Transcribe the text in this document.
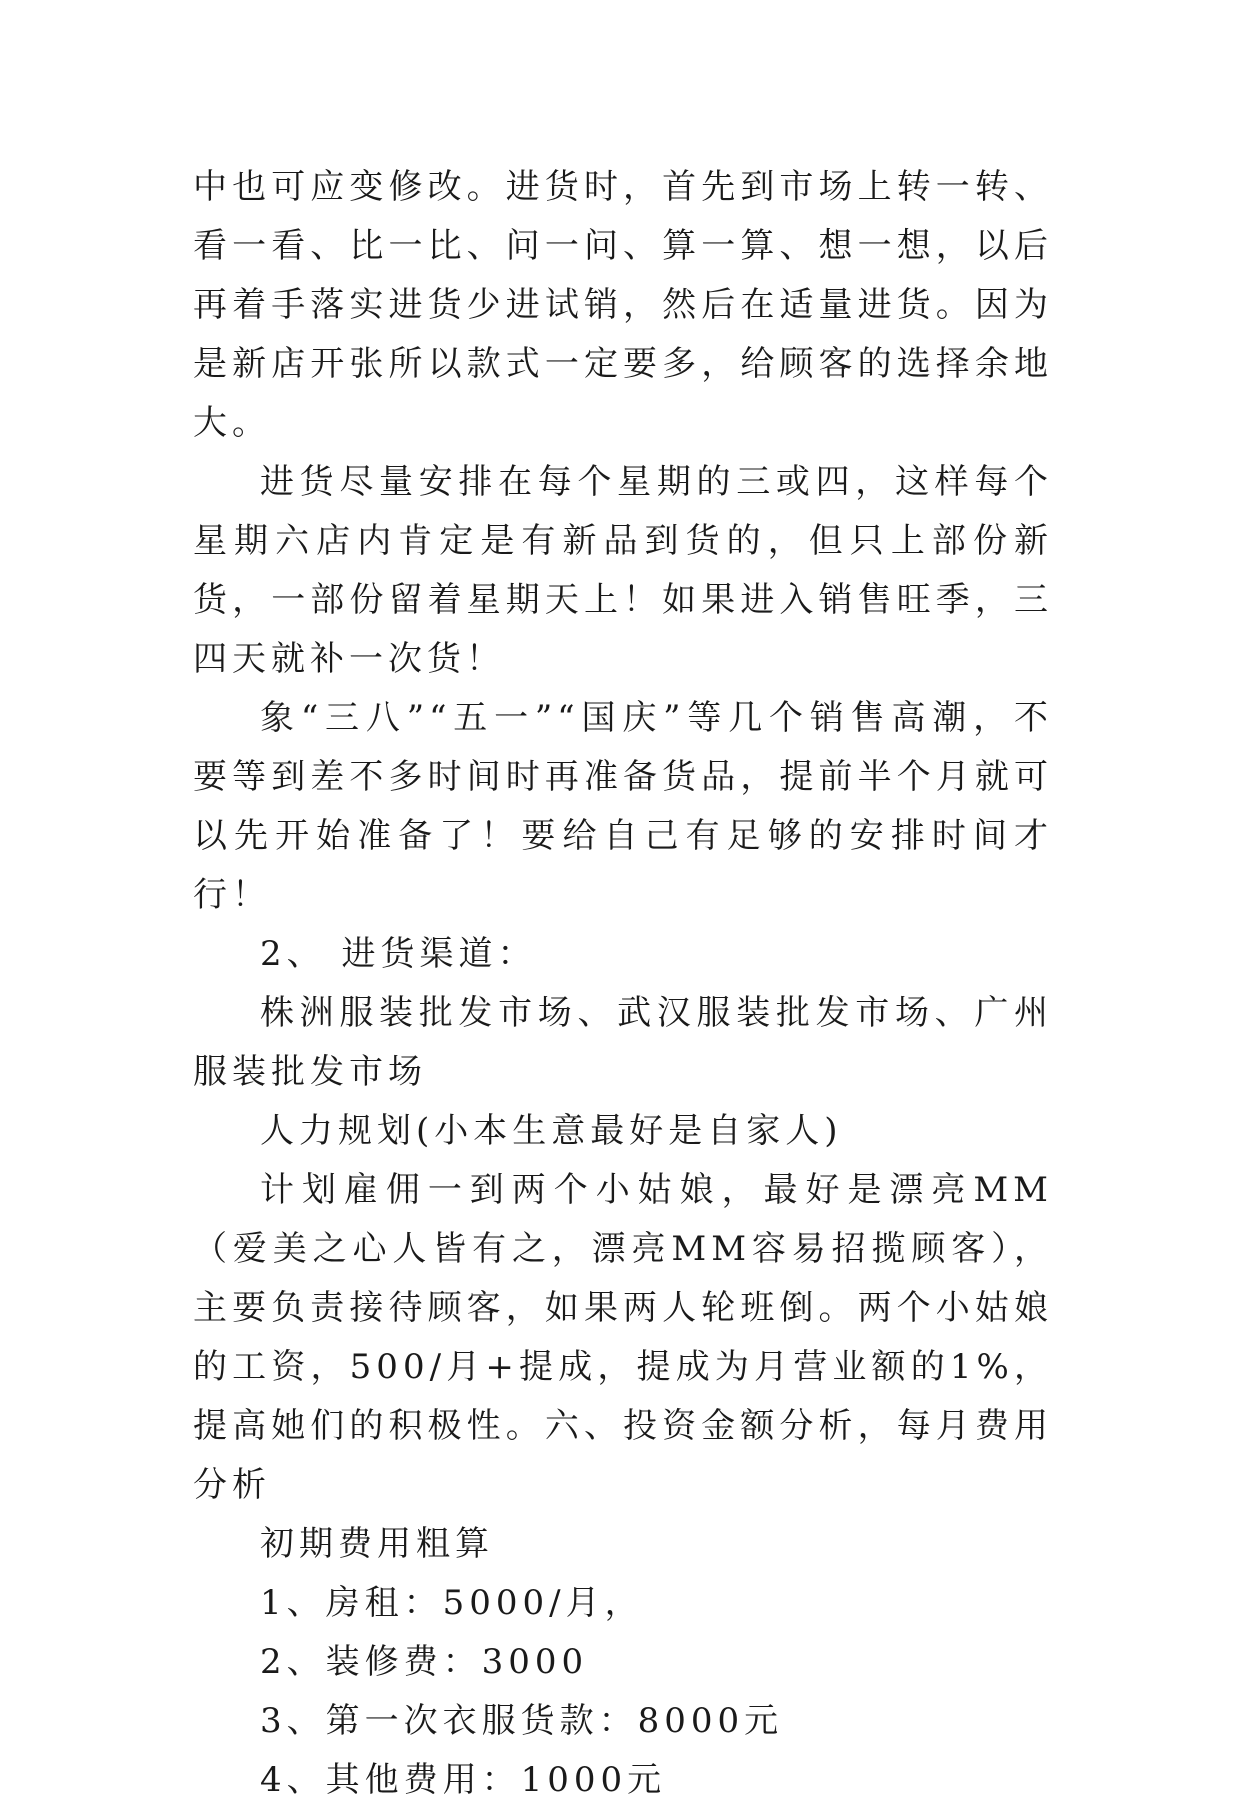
中也可应变修改。进货时，首先到市场上转一转、看一看、比一比、问一问、算一算、想一想，以后再着手落实进货少进试销，然后在适量进货。因为是新店开张所以款式一定要多，给顾客的选择余地大。

进货尽量安排在每个星期的三或四，这样每个星期六店内肯定是有新品到货的，但只上部份新货，一部份留着星期天上！如果进入销售旺季，三四天就补一次货！

象“三八”“五一”“国庆”等几个销售高潮，不要等到差不多时间时再准备货品，提前半个月就可以先开始准备了！要给自己有足够的安排时间才行！

2、 进货渠道：

株洲服装批发市场、武汉服装批发市场、广州服装批发市场

人力规划(小本生意最好是自家人)

计划雇佣一到两个小姑娘，最好是漂亮MM（爱美之心人皆有之，漂亮MM容易招揽顾客），主要负责接待顾客，如果两人轮班倒。两个小姑娘的工资，500/月+提成，提成为月营业额的1%，提高她们的积极性。六、投资金额分析，每月费用分析

初期费用粗算

1、房租：5000/月，

2、装修费：3000

3、第一次衣服货款：8000元

4、其他费用：1000元
